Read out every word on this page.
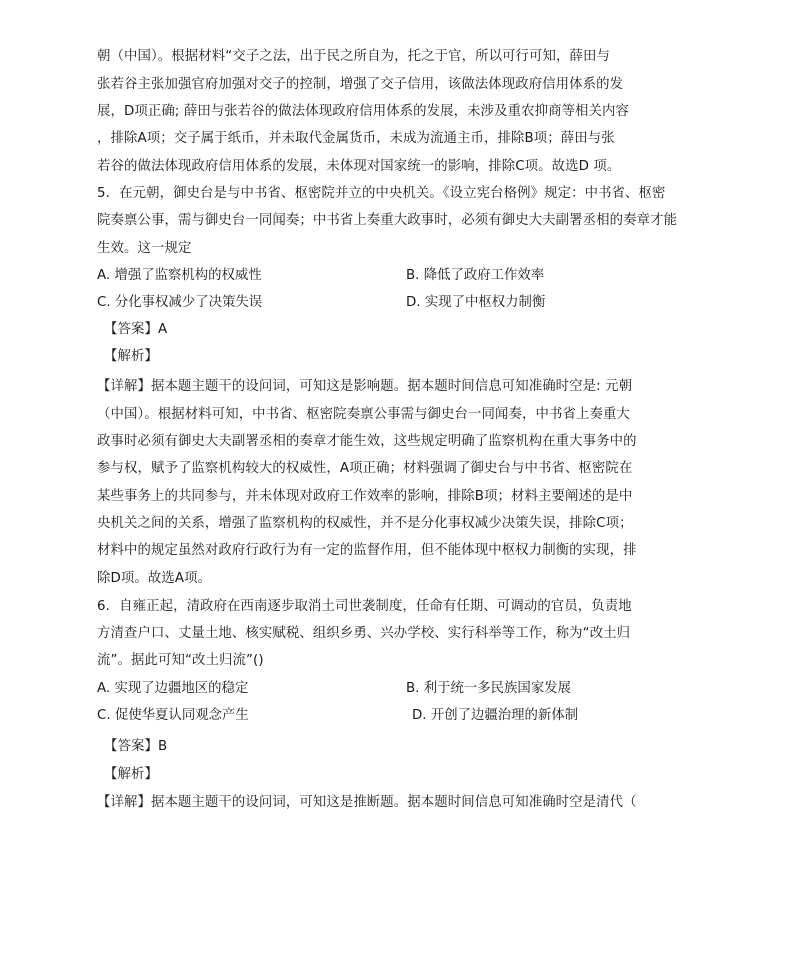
朝（中国）。根据材料“交子之法，出于民之所自为，托之于官，所以可行可知，薛田与
张若谷主张加强官府加强对交子的控制，增强了交子信用，该做法体现政府信用体系的发
展，D项正确; 薛田与张若谷的做法体现政府信用体系的发展，未涉及重农抑商等相关内容
，排除A项；交子属于纸币，并未取代金属货币，未成为流通主币，排除B项；薛田与张
若谷的做法体现政府信用体系的发展，未体现对国家统一的影响，排除C项。故选D 项。
5．在元朝，御史台是与中书省、枢密院并立的中央机关。《设立宪台格例》规定：中书省、枢密
院奏禀公事，需与御史台一同闻奏；中书省上奏重大政事时，必须有御史大夫副署丞相的奏章才能
生效。这一规定
A. 增强了监察机构的权威性	B. 降低了政府工作效率
C. 分化事权减少了决策失误	D. 实现了中枢权力制衡
【答案】A
【解析】
【详解】据本题主题干的设问词，可知这是影响题。据本题时间信息可知准确时空是: 元朝
（中国）。根据材料可知，中书省、枢密院奏禀公事需与御史台一同闻奏，中书省上奏重大
政事时必须有御史大夫副署丞相的奏章才能生效，这些规定明确了监察机构在重大事务中的
参与权，赋予了监察机构较大的权威性，A项正确；材料强调了御史台与中书省、枢密院在
某些事务上的共同参与，并未体现对政府工作效率的影响，排除B项；材料主要阐述的是中
央机关之间的关系，增强了监察机构的权威性，并不是分化事权减少决策失误，排除C项；
材料中的规定虽然对政府行政行为有一定的监督作用，但不能体现中枢权力制衡的实现，排
除D项。故选A项。
6．自雍正起，清政府在西南逐步取消土司世袭制度，任命有任期、可调动的官员，负责地
方清查户口、丈量土地、核实赋税、组织乡勇、兴办学校、实行科举等工作，称为“改土归
流”。据此可知“改土归流”()
A. 实现了边疆地区的稳定	B. 利于统一多民族国家发展
C. 促使华夏认同观念产生	D. 开创了边疆治理的新体制
【答案】B
【解析】
【详解】据本题主题干的设问词，可知这是推断题。据本题时间信息可知准确时空是清代（
